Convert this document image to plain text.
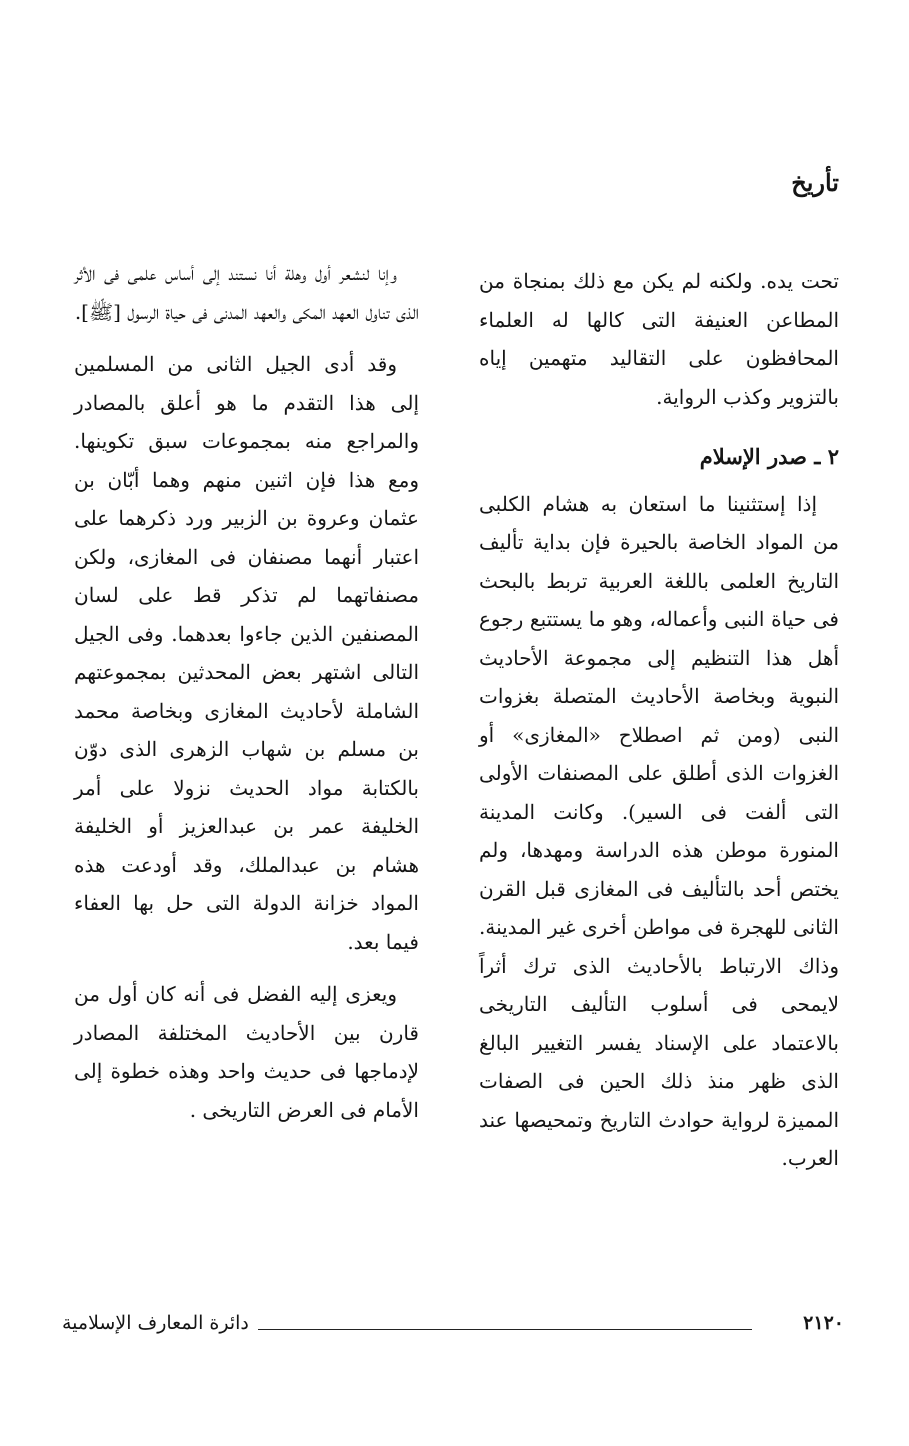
تأريخ

تحت يده. ولكنه لم يكن مع ذلك بمنجاة من المطاعن العنيفة التى كالها له العلماء المحافظون على التقاليد متهمين إياه بالتزوير وكذب الرواية.

٢ ـ صدر الإسلام

إذا إستثنينا ما استعان به هشام الكلبى من المواد الخاصة بالحيرة فإن بداية تأليف التاريخ العلمى باللغة العربية تربط بالبحث فى حياة النبى وأعماله، وهو ما يستتبع رجوع أهل هذا التنظيم إلى مجموعة الأحاديث النبوية وبخاصة الأحاديث المتصلة بغزوات النبى (ومن ثم اصطلاح «المغازى» أو الغزوات الذى أطلق على المصنفات الأولى التى ألفت فى السير). وكانت المدينة المنورة موطن هذه الدراسة ومهدها، ولم يختص أحد بالتأليف فى المغازى قبل القرن الثانى للهجرة فى مواطن أخرى غير المدينة. وذاك الارتباط بالأحاديث الذى ترك أثراً لايمحى فى أسلوب التأليف التاريخى بالاعتماد على الإسناد يفسر التغيير البالغ الذى ظهر منذ ذلك الحين فى الصفات المميزة لرواية حوادث التاريخ وتمحيصها عند العرب.

وإنا لنشعر أول وهلة أنا نستند إلى أساس علمى فى الأثر الذى تناول العهد المكى والعهد المدنى فى حياة الرسول [ﷺ].

وقد أدى الجيل الثانى من المسلمين إلى هذا التقدم ما هو أعلق بالمصادر والمراجع منه بمجموعات سبق تكوينها. ومع هذا فإن اثنين منهم وهما أبّان بن عثمان وعروة بن الزبير ورد ذكرهما على اعتبار أنهما مصنفان فى المغازى، ولكن مصنفاتهما لم تذكر قط على لسان المصنفين الذين جاءوا بعدهما. وفى الجيل التالى اشتهر بعض المحدثين بمجموعتهم الشاملة لأحاديث المغازى وبخاصة محمد بن مسلم بن شهاب الزهرى الذى دوّن بالكتابة مواد الحديث نزولا على أمر الخليفة عمر بن عبدالعزيز أو الخليفة هشام بن عبدالملك، وقد أودعت هذه المواد خزانة الدولة التى حل بها العفاء فيما بعد.

ويعزى إليه الفضل فى أنه كان أول من قارن بين الأحاديث المختلفة المصادر لإدماجها فى حديث واحد وهذه خطوة إلى الأمام فى العرض التاريخى .

دائرة المعارف الإسلامية	٢١٢٠
